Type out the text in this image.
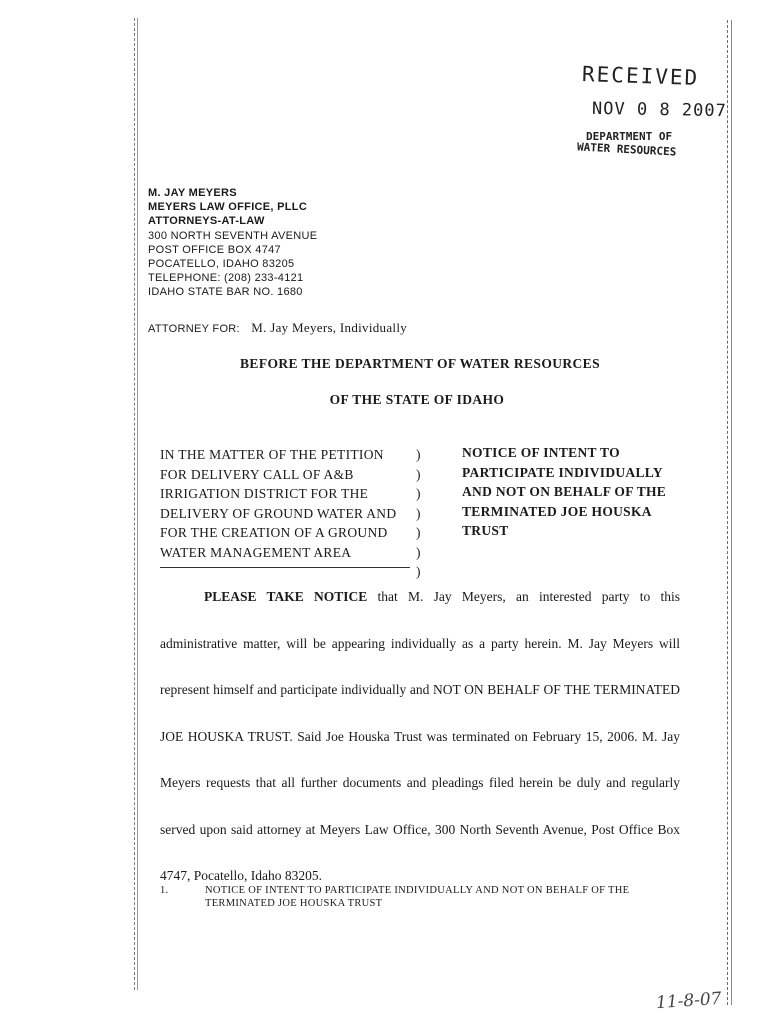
RECEIVED
NOV 0 8 2007
DEPARTMENT OF
WATER RESOURCES
M. JAY MEYERS
MEYERS LAW OFFICE, PLLC
ATTORNEYS-AT-LAW
300 NORTH SEVENTH AVENUE
POST OFFICE BOX 4747
POCATELLO, IDAHO 83205
TELEPHONE: (208) 233-4121
IDAHO STATE BAR NO. 1680
ATTORNEY FOR: M. Jay Meyers, Individually
BEFORE THE DEPARTMENT OF WATER RESOURCES
OF THE STATE OF IDAHO
IN THE MATTER OF THE PETITION
FOR DELIVERY CALL OF A&B
IRRIGATION DISTRICT FOR THE
DELIVERY OF GROUND WATER AND
FOR THE CREATION OF A GROUND
WATER MANAGEMENT AREA
)
)
)
)
)
)
)
NOTICE OF INTENT TO
PARTICIPATE INDIVIDUALLY
AND NOT ON BEHALF OF THE
TERMINATED JOE HOUSKA
TRUST

PLEASE TAKE NOTICE that M. Jay Meyers, an interested party to this administrative matter, will be appearing individually as a party herein. M. Jay Meyers will represent himself and participate individually and NOT ON BEHALF OF THE TERMINATED JOE HOUSKA TRUST. Said Joe Houska Trust was terminated on February 15, 2006. M. Jay Meyers requests that all further documents and pleadings filed herein be duly and regularly served upon said attorney at Meyers Law Office, 300 North Seventh Avenue, Post Office Box 4747, Pocatello, Idaho 83205.

1.	NOTICE OF INTENT TO PARTICIPATE INDIVIDUALLY AND NOT ON BEHALF OF THE
TERMINATED JOE HOUSKA TRUST
11-8-07
